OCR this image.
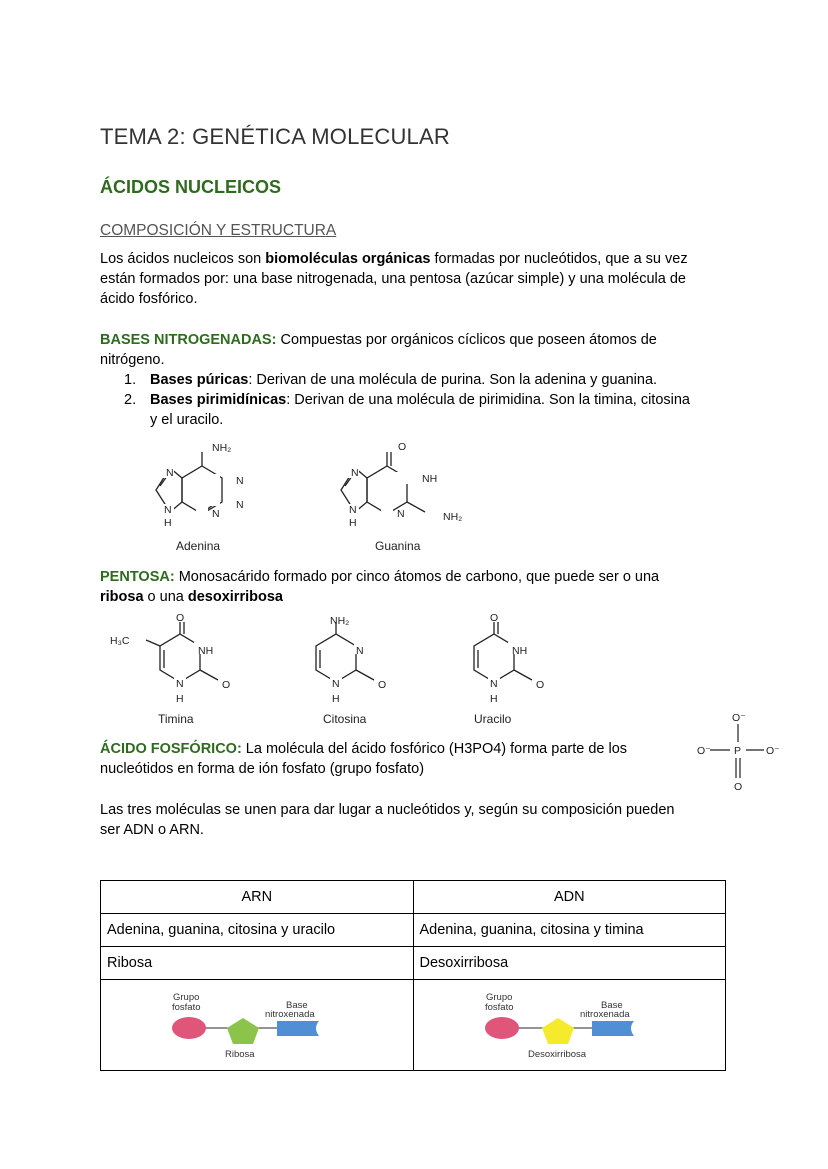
TEMA 2: GENÉTICA MOLECULAR
ÁCIDOS NUCLEICOS
COMPOSICIÓN Y ESTRUCTURA
Los ácidos nucleicos son biomoléculas orgánicas formadas por nucleótidos, que a su vez
están formados por: una base nitrogenada, una pentosa (azúcar simple) y una molécula de
ácido fosfórico.
BASES NITROGENADAS: Compuestas por orgánicos cíclicos que poseen átomos de
nitrógeno.
1. Bases púricas: Derivan de una molécula de purina. Son la adenina y guanina.
2. Bases pirimidínicas: Derivan de una molécula de pirimidina. Son la timina, citosina
y el uracilo.
NH₂
N
N
N
N	N
H
Adenina
O
NH
N
N	N	NH₂
H
Guanina
PENTOSA: Monosacárido formado por cinco átomos de carbono, que puede ser o una
ribosa o una desoxirribosa
O
H₃C
NH
N
H
O
Timina
NH₂
N
N
H
O
Citosina
O
NH
N
H
O
Uracilo	O⁻
O⁻ P O⁻
O
ÁCIDO FOSFÓRICO: La molécula del ácido fosfórico (H3PO4) forma parte de los
nucleótidos en forma de ión fosfato (grupo fosfato)
Las tres moléculas se unen para dar lugar a nucleótidos y, según su composición pueden
ser ADN o ARN.
ARN	ADN
Adenina, guanina, citosina y uracilo	Adenina, guanina, citosina y timina
Ribosa	Desoxirribosa

Grupo
fosfato Base
nitroxenada
Ribosa	Grupo
fosfato Base
nitroxenada
Desoxirribosa
